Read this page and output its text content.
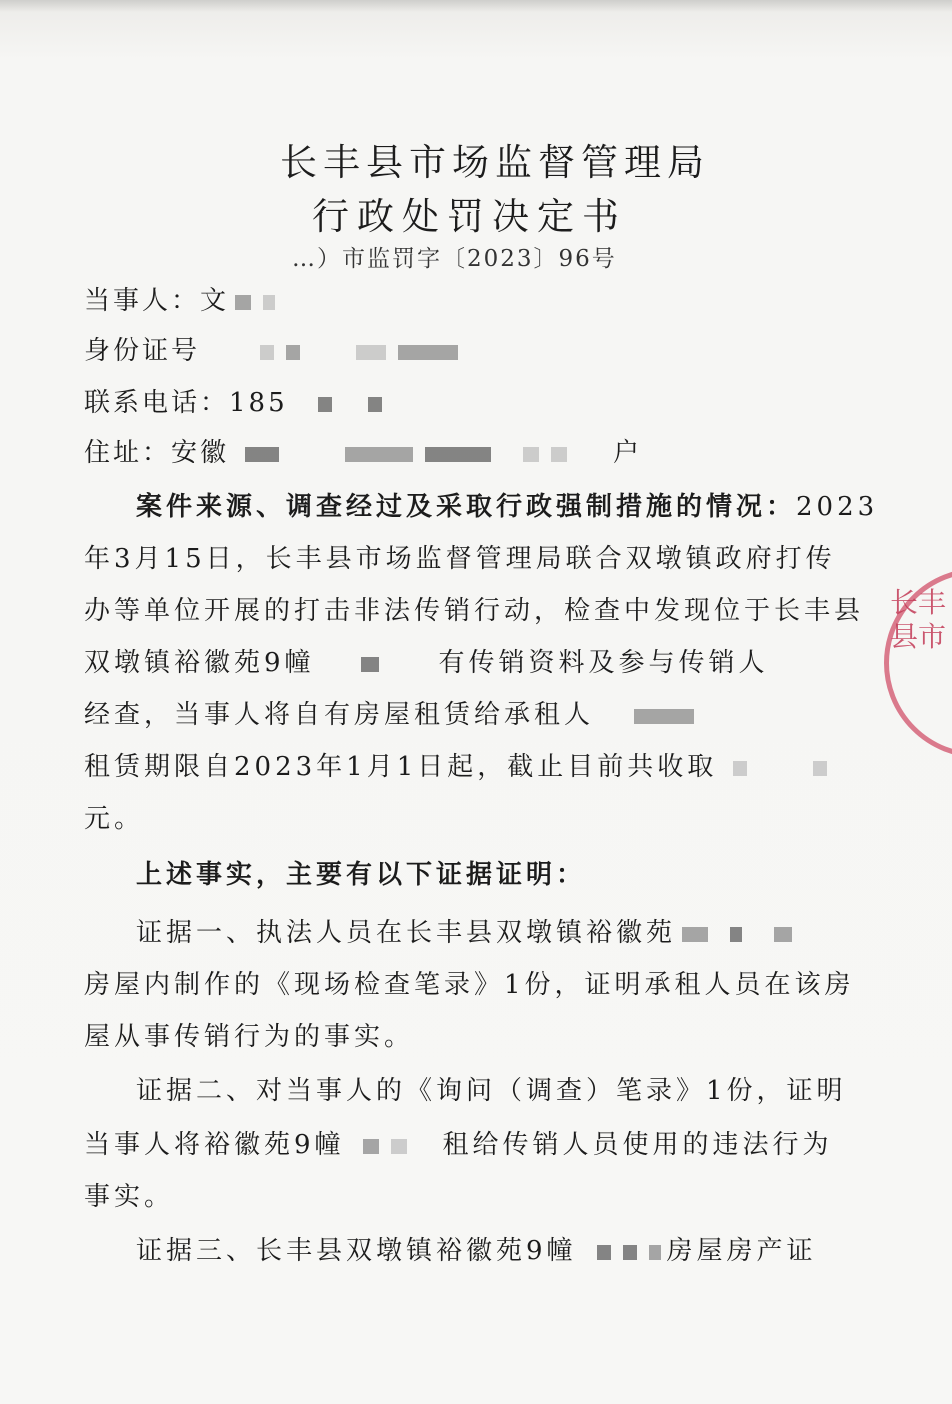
长丰县市场监督管理局
行政处罚决定书
…）市监罚字〔2023〕96号
当事人：文
身份证号
联系电话：185
住址：安徽	户
案件来源、调查经过及采取行政强制措施的情况：2023
年3月15日，长丰县市场监督管理局联合双墩镇政府打传
办等单位开展的打击非法传销行动，检查中发现位于长丰县
双墩镇裕徽苑9幢	有传销资料及参与传销人
经查，当事人将自有房屋租赁给承租人
租赁期限自2023年1月1日起，截止目前共收取
元。
上述事实，主要有以下证据证明：
证据一、执法人员在长丰县双墩镇裕徽苑
房屋内制作的《现场检查笔录》1份，证明承租人员在该房
屋从事传销行为的事实。
证据二、对当事人的《询问（调查）笔录》1份，证明
当事人将裕徽苑9幢	租给传销人员使用的违法行为
事实。
证据三、长丰县双墩镇裕徽苑9幢	房屋房产证
长丰县市
